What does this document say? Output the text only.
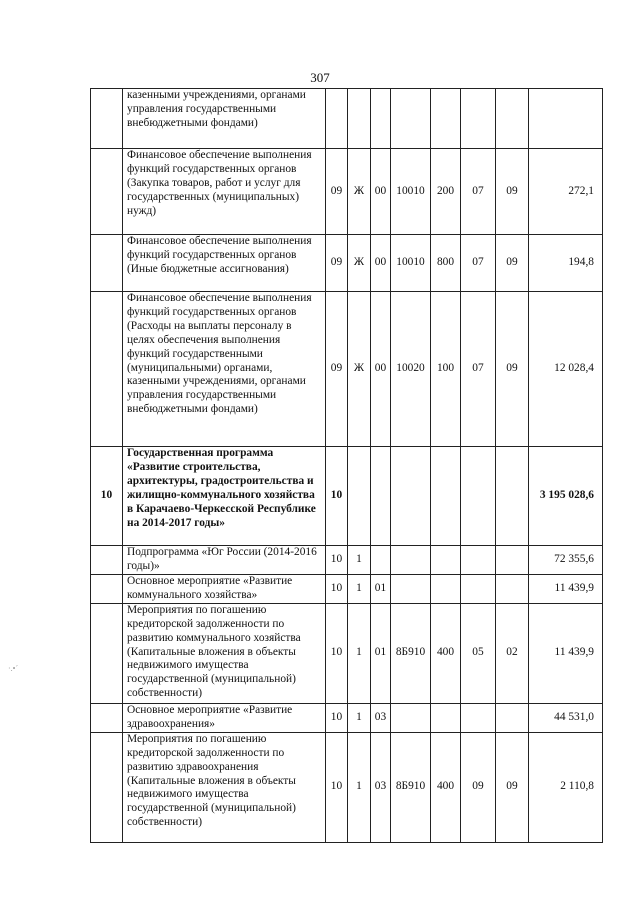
307
	казенными учреждениями, органами управления государственными внебюджетными фондами)								
	Финансовое обеспечение выполнения функций государственных органов (Закупка товаров, работ и услуг для государственных (муниципальных) нужд)	09	Ж	00	10010	200	07	09	272,1
	Финансовое обеспечение выполнения функций государственных органов (Иные бюджетные ассигнования)	09	Ж	00	10010	800	07	09	194,8
	Финансовое обеспечение выполнения функций государственных органов (Расходы на выплаты персоналу в целях обеспечения выполнения функций государственными (муниципальными) органами, казенными учреждениями, органами управления государственными внебюджетными фондами)	09	Ж	00	10020	100	07	09	12 028,4
10	Государственная программа «Развитие строительства, архитектуры, градостроительства и жилищно-коммунального хозяйства в Карачаево-Черкесской Республике на 2014-2017 годы»	10							3 195 028,6
	Подпрограмма «Юг России (2014-2016 годы)»	10	1						72 355,6
	Основное мероприятие «Развитие коммунального хозяйства»	10	1	01					11 439,9
	Мероприятия по погашению кредиторской задолженности по развитию коммунального хозяйства (Капитальные вложения в объекты недвижимого имущества государственной (муниципальной) собственности)	10	1	01	8Б910	400	05	02	11 439,9
	Основное мероприятие «Развитие здравоохранения»	10	1	03					44 531,0
	Мероприятия по погашению кредиторской задолженности по развитию здравоохранения (Капитальные вложения в объекты недвижимого имущества государственной (муниципальной) собственности)	10	1	03	8Б910	400	09	09	2 110,8
·.•ˊ
